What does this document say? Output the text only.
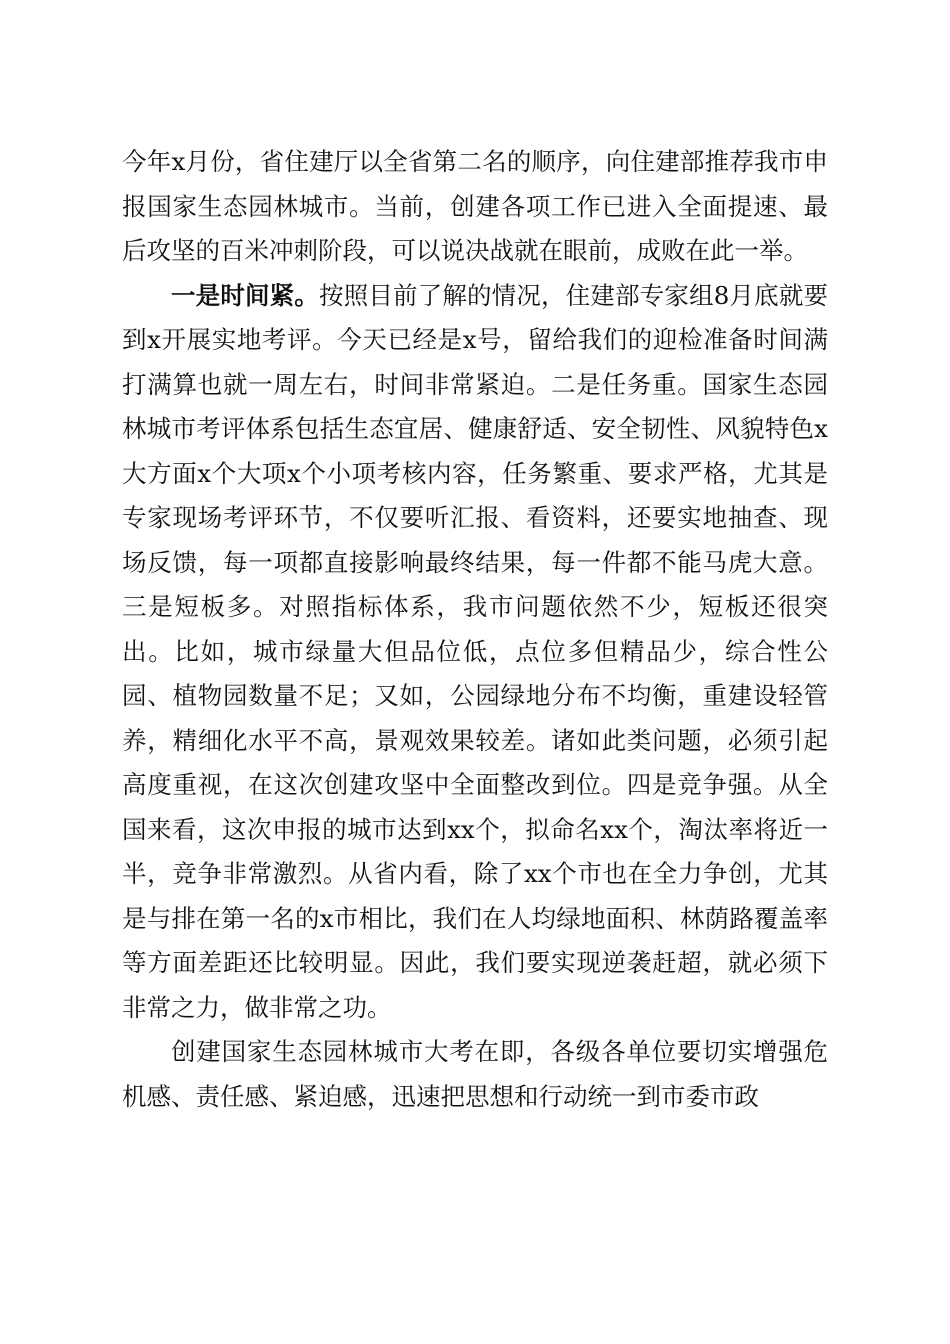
今年x月份，省住建厅以全省第二名的顺序，向住建部推荐我市申报国家生态园林城市。当前，创建各项工作已进入全面提速、最后攻坚的百米冲刺阶段，可以说决战就在眼前，成败在此一举。

一是时间紧。按照目前了解的情况，住建部专家组8月底就要到x开展实地考评。今天已经是x号，留给我们的迎检准备时间满打满算也就一周左右，时间非常紧迫。二是任务重。国家生态园林城市考评体系包括生态宜居、健康舒适、安全韧性、风貌特色x大方面x个大项x个小项考核内容，任务繁重、要求严格，尤其是专家现场考评环节，不仅要听汇报、看资料，还要实地抽查、现场反馈，每一项都直接影响最终结果，每一件都不能马虎大意。三是短板多。对照指标体系，我市问题依然不少，短板还很突出。比如，城市绿量大但品位低，点位多但精品少，综合性公园、植物园数量不足；又如，公园绿地分布不均衡，重建设轻管养，精细化水平不高，景观效果较差。诸如此类问题，必须引起高度重视，在这次创建攻坚中全面整改到位。四是竞争强。从全国来看，这次申报的城市达到xx个，拟命名xx个，淘汰率将近一半，竞争非常激烈。从省内看，除了xx个市也在全力争创，尤其是与排在第一名的x市相比，我们在人均绿地面积、林荫路覆盖率等方面差距还比较明显。因此，我们要实现逆袭赶超，就必须下非常之力，做非常之功。

创建国家生态园林城市大考在即，各级各单位要切实增强危机感、责任感、紧迫感，迅速把思想和行动统一到市委市政
